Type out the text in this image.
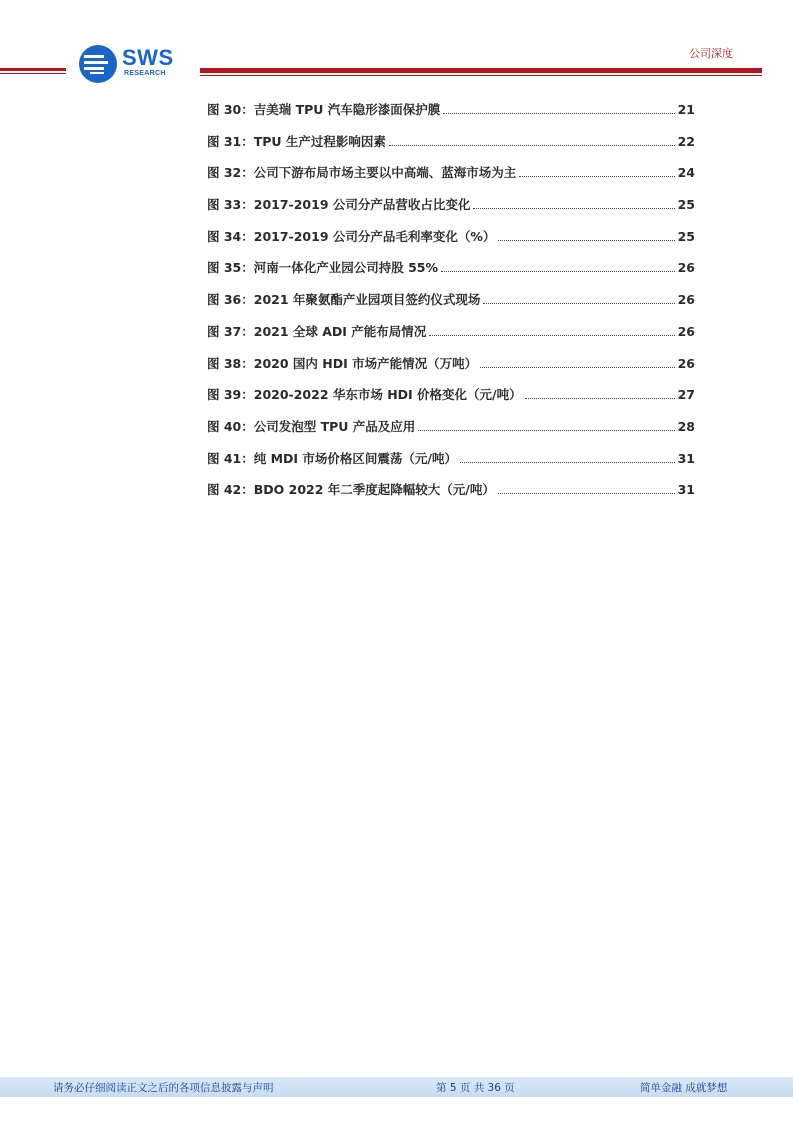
SWS
RESEARCH
公司深度
图 30：吉美瑞 TPU 汽车隐形漆面保护膜	21
图 31：TPU 生产过程影响因素	22
图 32：公司下游布局市场主要以中高端、蓝海市场为主	24
图 33：2017-2019 公司分产品营收占比变化	25
图 34：2017-2019 公司分产品毛利率变化（%）	25
图 35：河南一体化产业园公司持股 55%	26
图 36：2021 年聚氨酯产业园项目签约仪式现场	26
图 37：2021 全球 ADI 产能布局情况	26
图 38：2020 国内 HDI 市场产能情况（万吨）	26
图 39：2020-2022 华东市场 HDI 价格变化（元/吨）	27
图 40：公司发泡型 TPU 产品及应用	28
图 41：纯 MDI 市场价格区间震荡（元/吨）	31
图 42：BDO 2022 年二季度起降幅较大（元/吨）	31
请务必仔细阅读正文之后的各项信息披露与声明	第 5 页 共 36 页	简单金融 成就梦想
